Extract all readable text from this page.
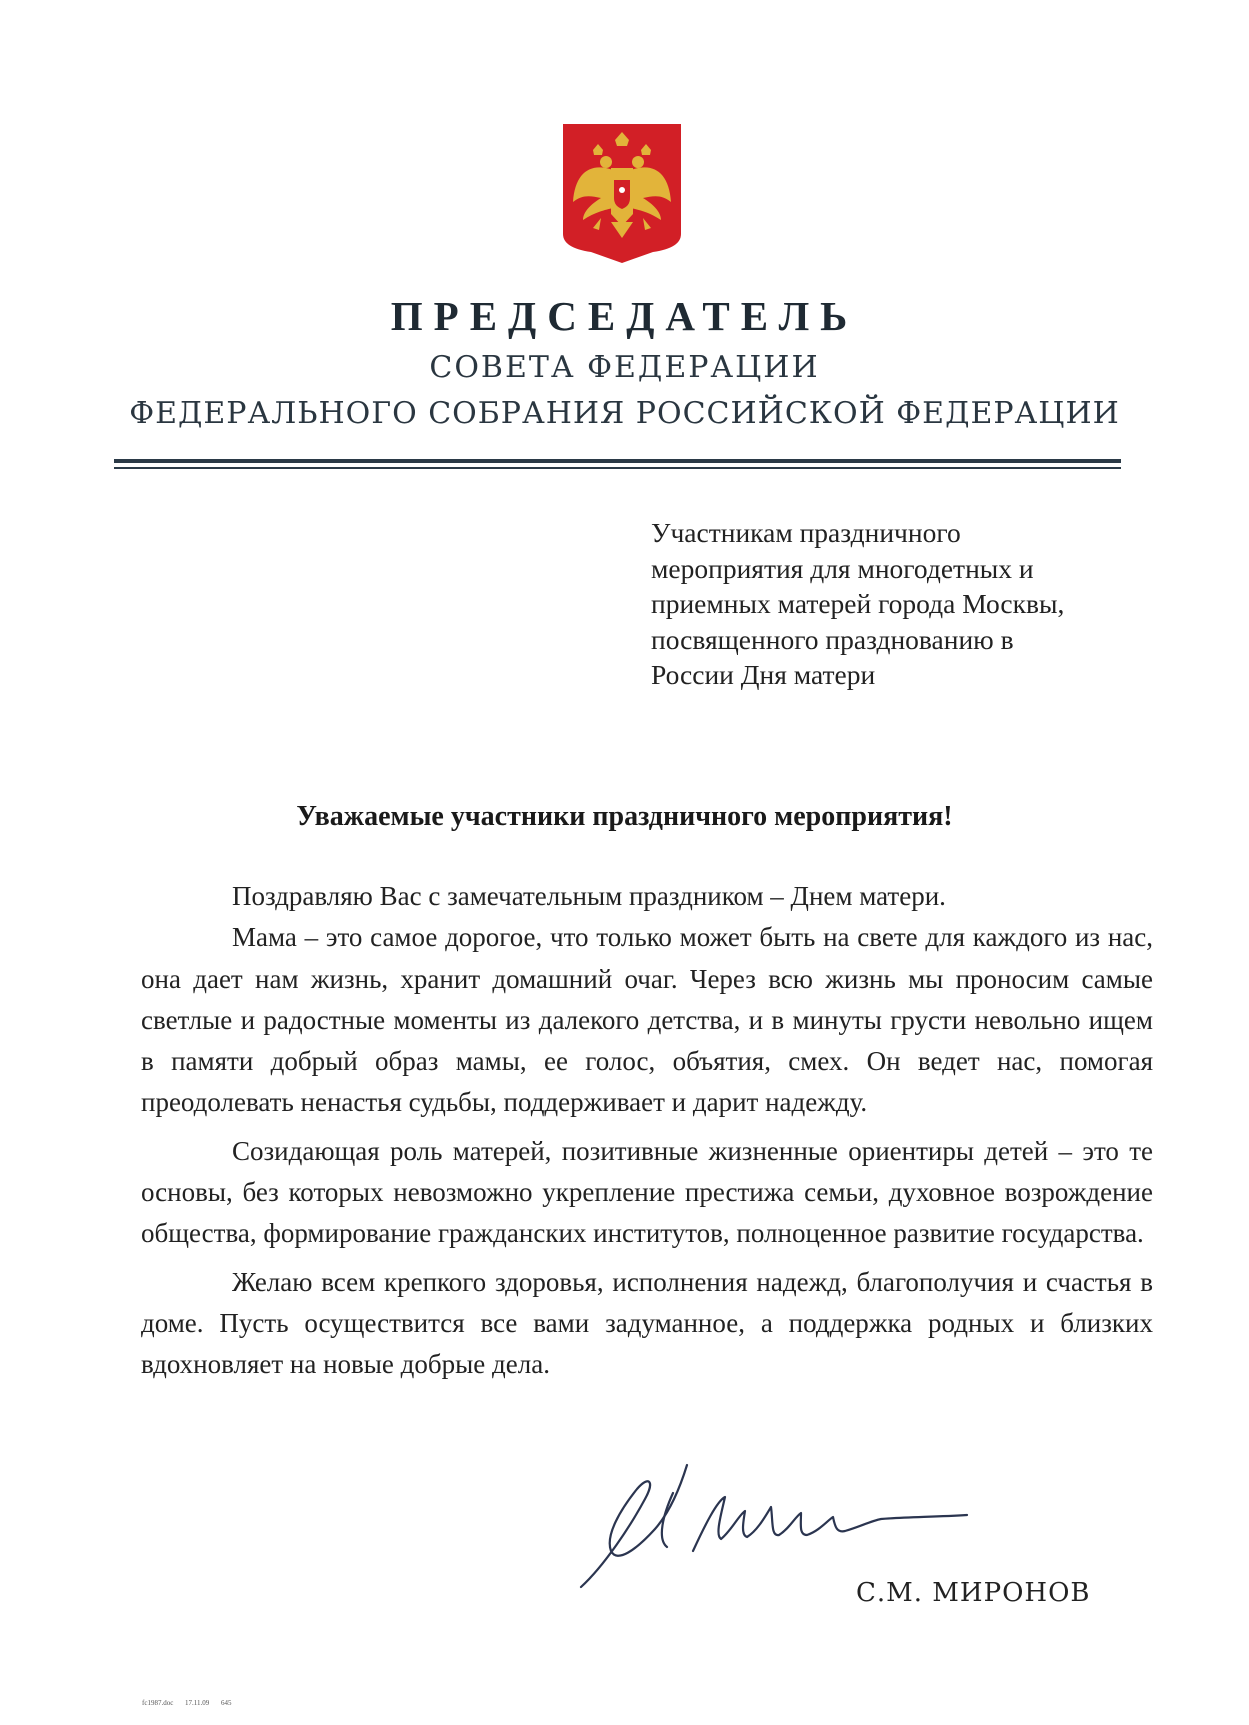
ПРЕДСЕДАТЕЛЬ
СОВЕТА ФЕДЕРАЦИИ
ФЕДЕРАЛЬНОГО СОБРАНИЯ РОССИЙСКОЙ ФЕДЕРАЦИИ
Участникам праздничного
мероприятия для многодетных и
приемных матерей города Москвы,
посвященного празднованию в
России Дня матери
Уважаемые участники праздничного мероприятия!

Поздравляю Вас с замечательным праздником – Днем матери.

Мама – это самое дорогое, что только может быть на свете для каждого из нас, она дает нам жизнь, хранит домашний очаг. Через всю жизнь мы проносим самые светлые и радостные моменты из далекого детства, и в минуты грусти невольно ищем в памяти добрый образ мамы, ее голос, объятия, смех. Он ведет нас, помогая преодолевать ненастья судьбы, поддерживает и дарит надежду.

Созидающая роль матерей, позитивные жизненные ориентиры детей – это те основы, без которых невозможно укрепление престижа семьи, духовное возрождение общества, формирование гражданских институтов, полноценное развитие государства.

Желаю всем крепкого здоровья, исполнения надежд, благополучия и счастья в доме. Пусть осуществится все вами задуманное, а поддержка родных и близких вдохновляет на новые добрые дела.

С.М. МИРОНОВ
fc1987.doc 17.11.09 645
